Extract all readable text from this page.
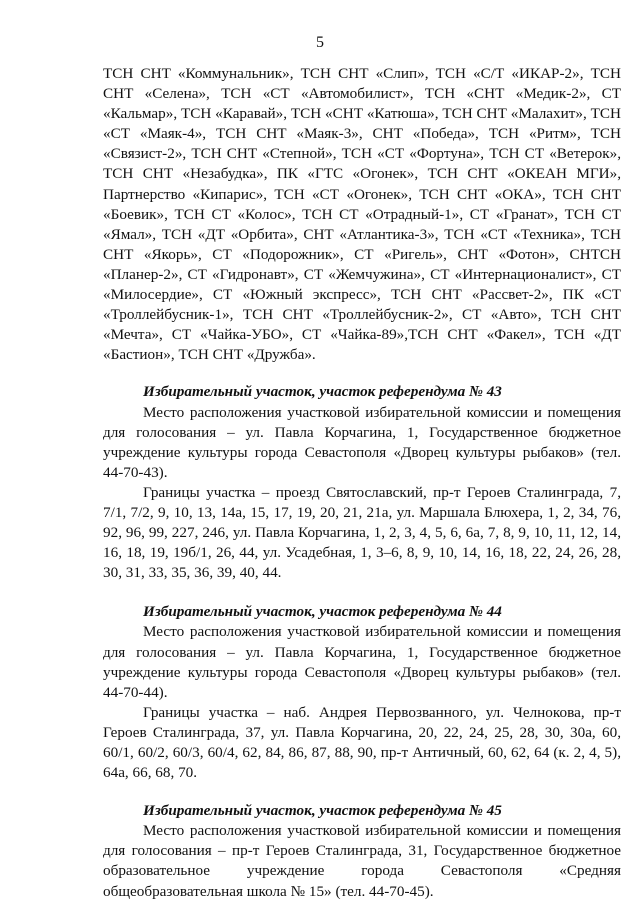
5

ТСН СНТ «Коммунальник», ТСН СНТ «Слип», ТСН «С/Т «ИКАР-2», ТСН СНТ «Селена», ТСН «СТ «Автомобилист», ТСН «СНТ «Медик-2», СТ «Кальмар», ТСН «Каравай», ТСН «СНТ «Катюша», ТСН СНТ «Малахит», ТСН «СТ «Маяк-4», ТСН СНТ «Маяк-3», СНТ «Победа», ТСН «Ритм», ТСН «Связист-2», ТСН СНТ «Степной», ТСН «СТ «Фортуна», ТСН СТ «Ветерок», ТСН СНТ «Незабудка», ПК «ГТС «Огонек», ТСН СНТ «ОКЕАН МГИ», Партнерство «Кипарис», ТСН «СТ «Огонек», ТСН СНТ «ОКА», ТСН СНТ «Боевик», ТСН СТ «Колос», ТСН СТ «Отрадный-1», СТ «Гранат», ТСН СТ «Ямал», ТСН «ДТ «Орбита», СНТ «Атлантика-3», ТСН «СТ «Техника», ТСН СНТ «Якорь», СТ «Подорожник», СТ «Ригель», СНТ «Фотон», СНТСН «Планер-2», СТ «Гидронавт», СТ «Жемчужина», СТ «Интернационалист», СТ «Милосердие», СТ «Южный экспресс», ТСН СНТ «Рассвет-2», ПК «СТ «Троллейбусник-1», ТСН СНТ «Троллейбусник-2», СТ «Авто», ТСН СНТ «Мечта», СТ «Чайка-УБО», СТ «Чайка-89»,ТСН СНТ «Факел», ТСН «ДТ «Бастион», ТСН СНТ «Дружба».

Избирательный участок, участок референдума № 43

Место расположения участковой избирательной комиссии и помещения для голосования – ул. Павла Корчагина, 1, Государственное бюджетное учреждение культуры города Севастополя «Дворец культуры рыбаков» (тел. 44-70-43).

Границы участка – проезд Святославский, пр-т Героев Сталинграда, 7, 7/1, 7/2, 9, 10, 13, 14а, 15, 17, 19, 20, 21, 21а, ул. Маршала Блюхера, 1, 2, 34, 76, 92, 96, 99, 227, 246, ул. Павла Корчагина, 1, 2, 3, 4, 5, 6, 6а, 7, 8, 9, 10, 11, 12, 14, 16, 18, 19, 19б/1, 26, 44, ул. Усадебная, 1, 3–6, 8, 9, 10, 14, 16, 18, 22, 24, 26, 28, 30, 31, 33, 35, 36, 39, 40, 44.

Избирательный участок, участок референдума № 44

Место расположения участковой избирательной комиссии и помещения для голосования – ул. Павла Корчагина, 1, Государственное бюджетное учреждение культуры города Севастополя «Дворец культуры рыбаков» (тел. 44-70-44).

Границы участка – наб. Андрея Первозванного, ул. Челнокова, пр-т Героев Сталинграда, 37, ул. Павла Корчагина, 20, 22, 24, 25, 28, 30, 30а, 60, 60/1, 60/2, 60/3, 60/4, 62, 84, 86, 87, 88, 90, пр-т Античный, 60, 62, 64 (к. 2, 4, 5), 64а, 66, 68, 70.

Избирательный участок, участок референдума № 45

Место расположения участковой избирательной комиссии и помещения для голосования – пр-т Героев Сталинграда, 31, Государственное бюджетное образовательное учреждение города Севастополя «Средняя общеобразовательная школа № 15» (тел. 44-70-45).
